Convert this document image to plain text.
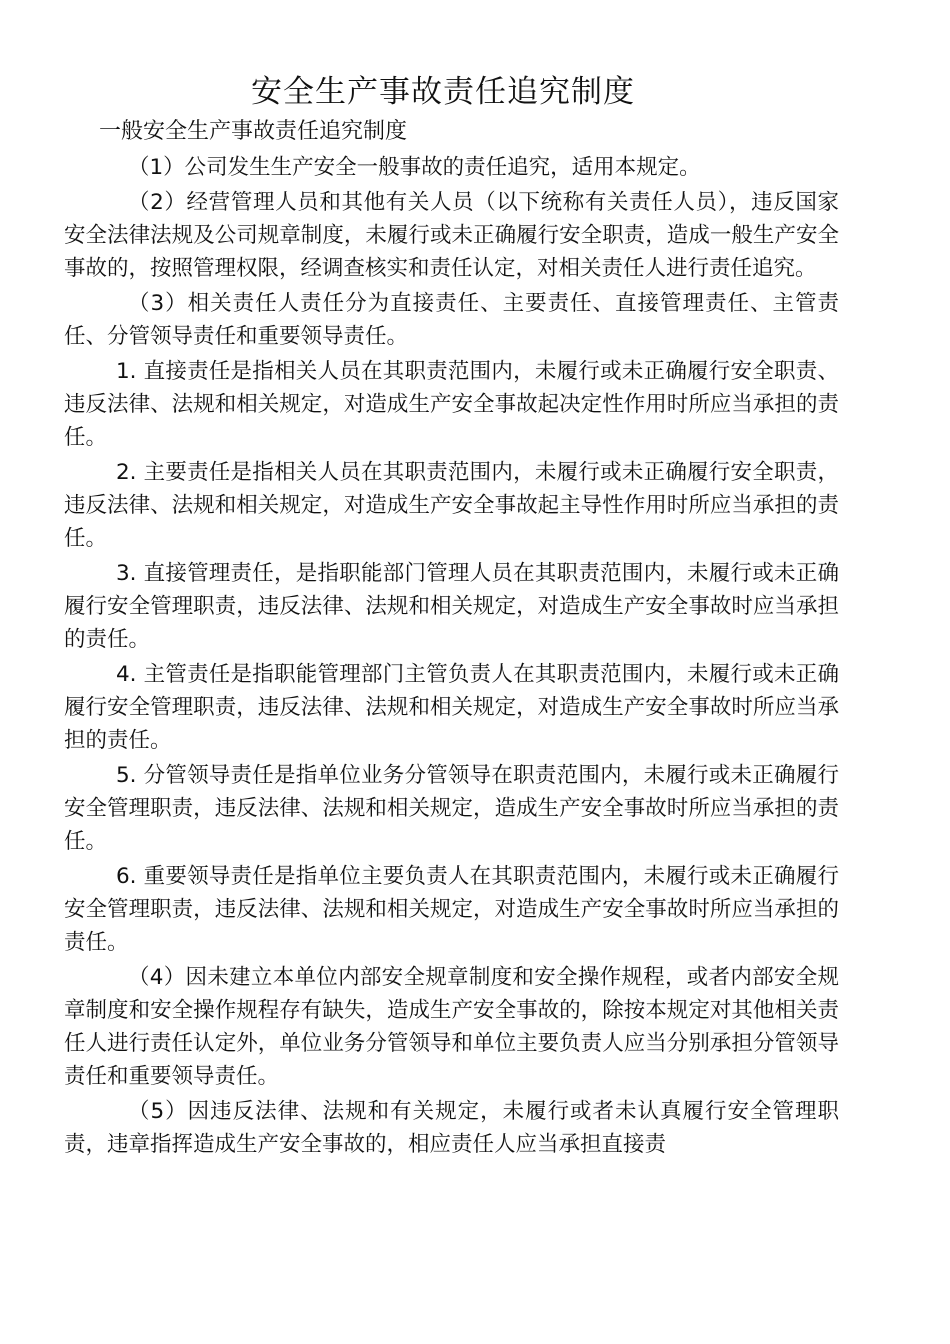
安全生产事故责任追究制度

一般安全生产事故责任追究制度

（1）公司发生生产安全一般事故的责任追究，适用本规定。

（2）经营管理人员和其他有关人员（以下统称有关责任人员），违反国家安全法律法规及公司规章制度，未履行或未正确履行安全职责，造成一般生产安全事故的，按照管理权限，经调查核实和责任认定，对相关责任人进行责任追究。

（3）相关责任人责任分为直接责任、主要责任、直接管理责任、主管责任、分管领导责任和重要领导责任。

1. 直接责任是指相关人员在其职责范围内，未履行或未正确履行安全职责、违反法律、法规和相关规定，对造成生产安全事故起决定性作用时所应当承担的责任。

2. 主要责任是指相关人员在其职责范围内，未履行或未正确履行安全职责，违反法律、法规和相关规定，对造成生产安全事故起主导性作用时所应当承担的责任。

3. 直接管理责任，是指职能部门管理人员在其职责范围内，未履行或未正确履行安全管理职责，违反法律、法规和相关规定，对造成生产安全事故时应当承担的责任。

4. 主管责任是指职能管理部门主管负责人在其职责范围内，未履行或未正确履行安全管理职责，违反法律、法规和相关规定，对造成生产安全事故时所应当承担的责任。

5. 分管领导责任是指单位业务分管领导在职责范围内，未履行或未正确履行安全管理职责，违反法律、法规和相关规定，造成生产安全事故时所应当承担的责任。

6. 重要领导责任是指单位主要负责人在其职责范围内，未履行或未正确履行安全管理职责，违反法律、法规和相关规定，对造成生产安全事故时所应当承担的责任。

（4）因未建立本单位内部安全规章制度和安全操作规程，或者内部安全规章制度和安全操作规程存有缺失，造成生产安全事故的，除按本规定对其他相关责任人进行责任认定外，单位业务分管领导和单位主要负责人应当分别承担分管领导责任和重要领导责任。

（5）因违反法律、法规和有关规定，未履行或者未认真履行安全管理职责，违章指挥造成生产安全事故的，相应责任人应当承担直接责
